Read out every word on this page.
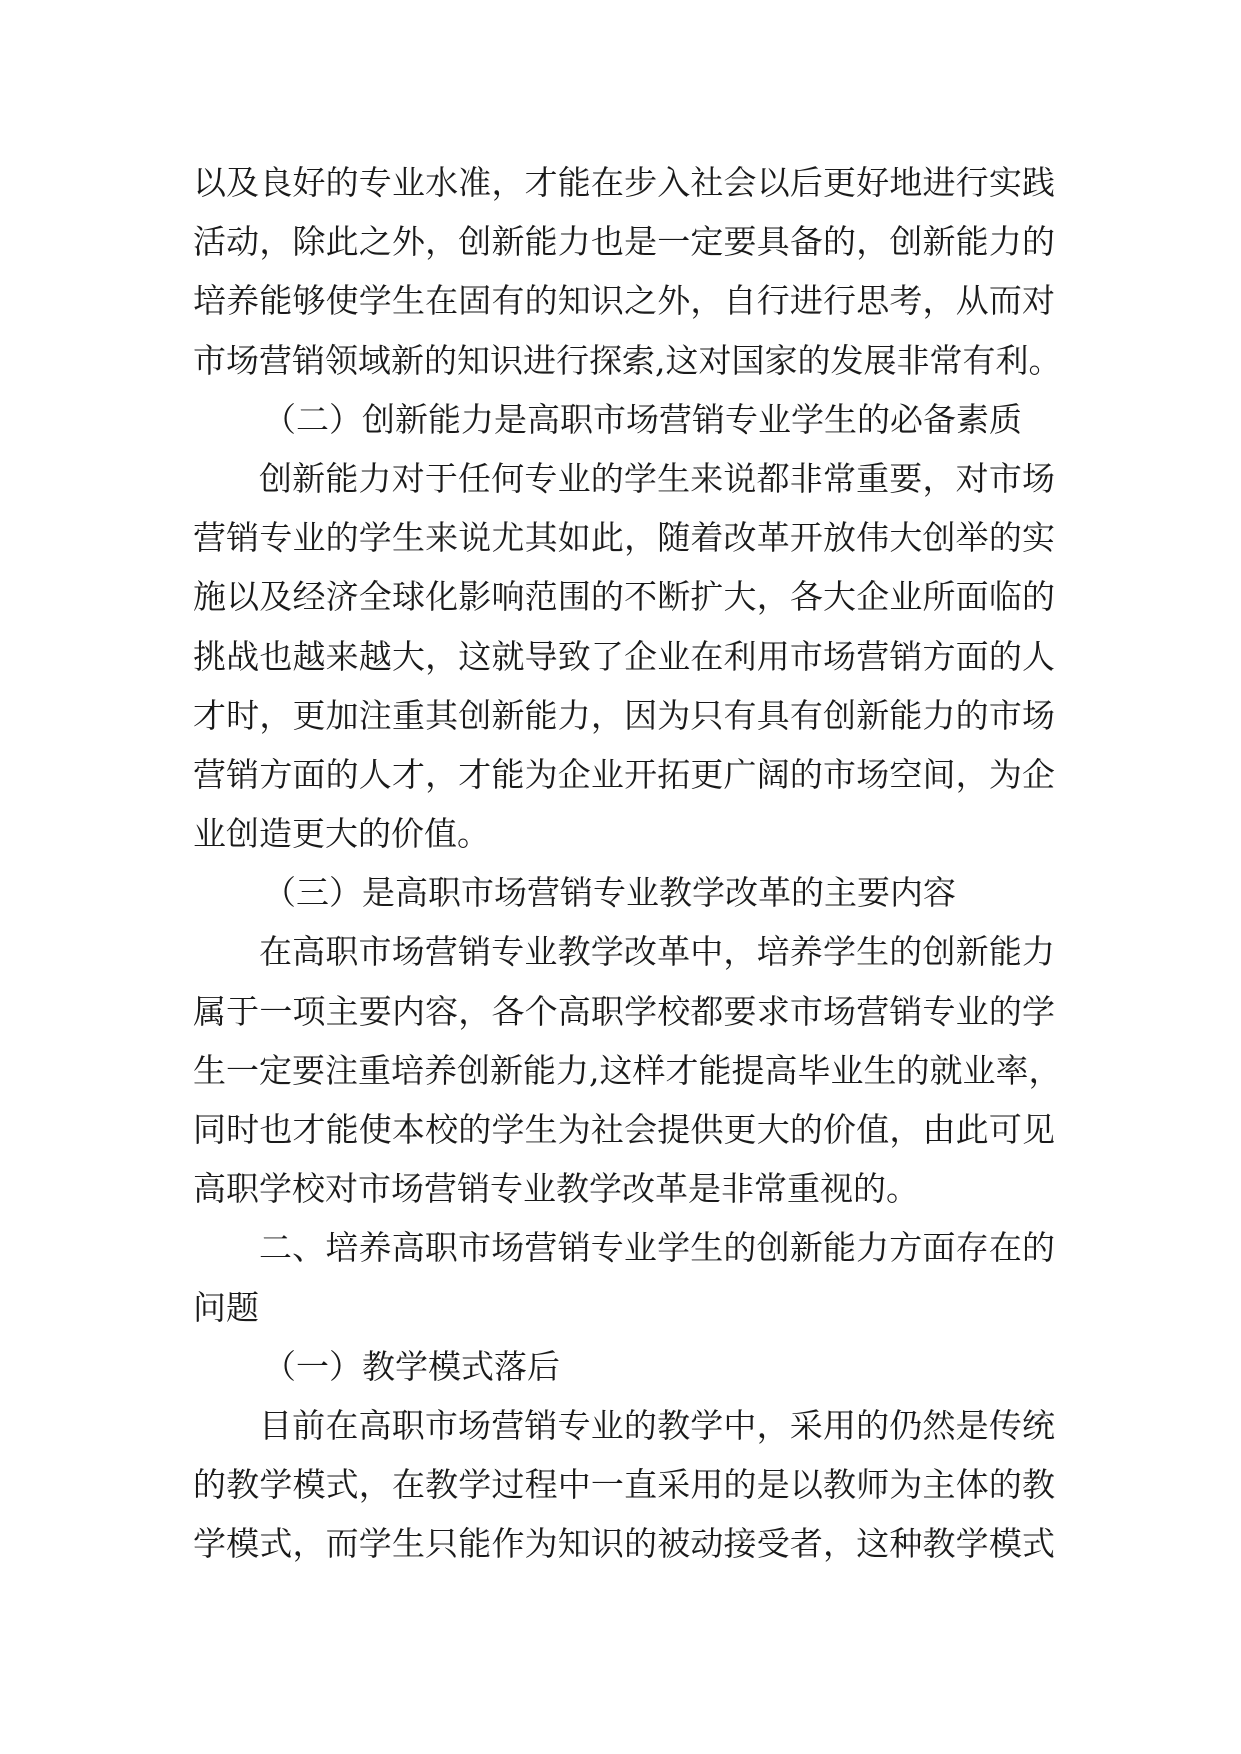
以及良好的专业水准，才能在步入社会以后更好地进行实践
活动，除此之外，创新能力也是一定要具备的，创新能力的
培养能够使学生在固有的知识之外，自行进行思考，从而对
市场营销领域新的知识进行探索,这对国家的发展非常有利。
（二）创新能力是高职市场营销专业学生的必备素质
创新能力对于任何专业的学生来说都非常重要，对市场
营销专业的学生来说尤其如此，随着改革开放伟大创举的实
施以及经济全球化影响范围的不断扩大，各大企业所面临的
挑战也越来越大，这就导致了企业在利用市场营销方面的人
才时，更加注重其创新能力，因为只有具有创新能力的市场
营销方面的人才，才能为企业开拓更广阔的市场空间，为企
业创造更大的价值。
（三）是高职市场营销专业教学改革的主要内容
在高职市场营销专业教学改革中，培养学生的创新能力
属于一项主要内容，各个高职学校都要求市场营销专业的学
生一定要注重培养创新能力,这样才能提高毕业生的就业率，
同时也才能使本校的学生为社会提供更大的价值，由此可见
高职学校对市场营销专业教学改革是非常重视的。
二、培养高职市场营销专业学生的创新能力方面存在的
问题
（一）教学模式落后
目前在高职市场营销专业的教学中，采用的仍然是传统
的教学模式，在教学过程中一直采用的是以教师为主体的教
学模式，而学生只能作为知识的被动接受者，这种教学模式
